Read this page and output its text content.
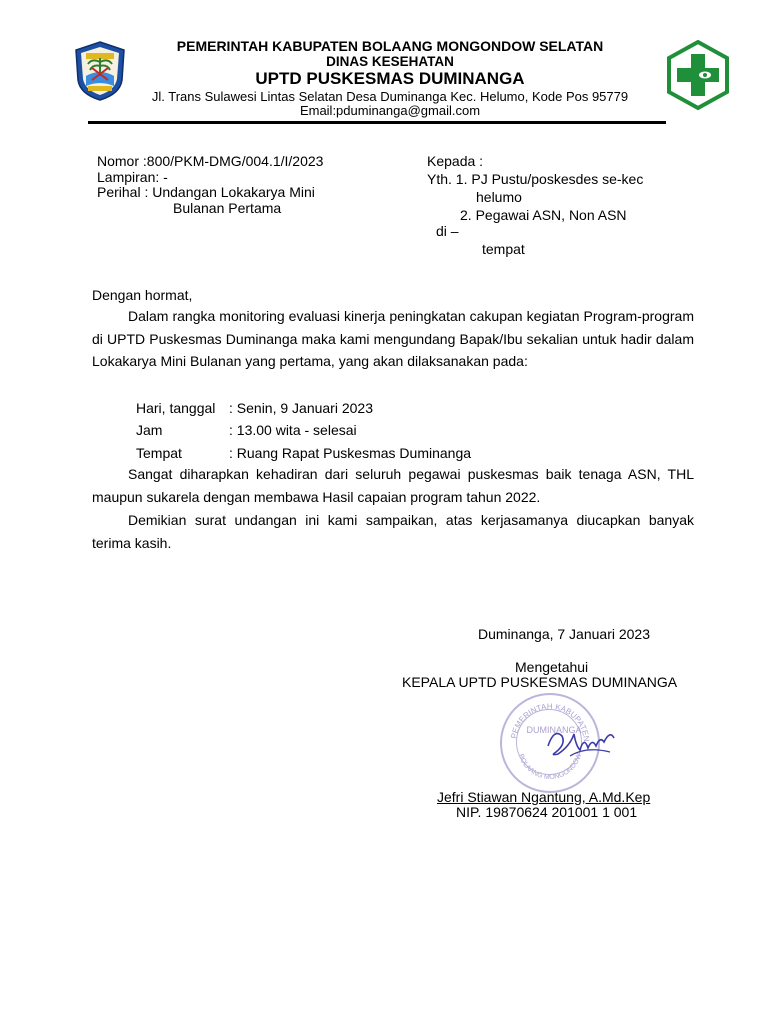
PEMERINTAH KABUPATEN BOLAANG MONGONDOW SELATAN
DINAS KESEHATAN
UPTD PUSKESMAS DUMINANGA
Jl. Trans Sulawesi Lintas Selatan Desa Duminanga Kec. Helumo, Kode Pos 95779
Email:pduminanga@gmail.com
Nomor :800/PKM-DMG/004.1/I/2023
Lampiran: -
Perihal : Undangan Lokakarya Mini
Bulanan Pertama
Kepada :
Yth. 1. PJ Pustu/poskesdes se-kec
helumo
2. Pegawai ASN, Non ASN
di –
tempat
Dengan hormat,
Dalam rangka monitoring evaluasi kinerja peningkatan cakupan kegiatan Program-program di UPTD Puskesmas Duminanga maka kami mengundang Bapak/Ibu sekalian untuk hadir dalam Lokakarya Mini Bulanan yang pertama, yang akan dilaksanakan pada:
Hari, tanggal : Senin, 9 Januari 2023
Jam	: 13.00 wita - selesai
Tempat	: Ruang Rapat Puskesmas Duminanga
Sangat diharapkan kehadiran dari seluruh pegawai puskesmas baik tenaga ASN, THL maupun sukarela dengan membawa Hasil capaian program tahun 2022.
Demikian surat undangan ini kami sampaikan, atas kerjasamanya diucapkan banyak terima kasih.
Duminanga, 7 Januari 2023
Mengetahui
KEPALA UPTD PUSKESMAS DUMINANGA
PEMERINTAH KABUPATEN
BOLAANG MONGONDOW
DUMINANGA
Jefri Stiawan Ngantung, A.Md.Kep
NIP. 19870624 201001 1 001
